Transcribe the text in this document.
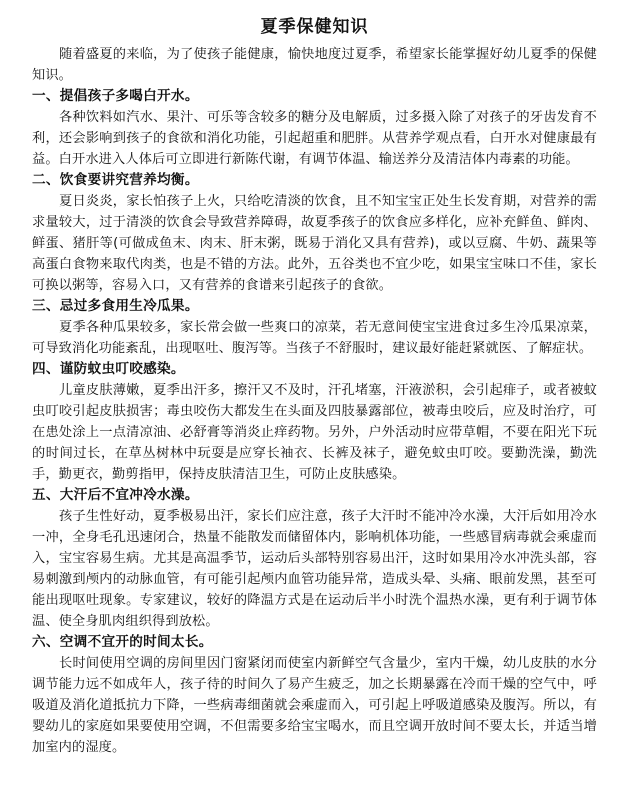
夏季保健知识

随着盛夏的来临，为了使孩子能健康，愉快地度过夏季，希望家长能掌握好幼儿夏季的保健知识。

一、提倡孩子多喝白开水。

各种饮料如汽水、果汁、可乐等含较多的糖分及电解质，过多摄入除了对孩子的牙齿发育不利，还会影响到孩子的食欲和消化功能，引起超重和肥胖。从营养学观点看，白开水对健康最有益。白开水进入人体后可立即进行新陈代谢，有调节体温、输送养分及清洁体内毒素的功能。

二、饮食要讲究营养均衡。

夏日炎炎，家长怕孩子上火，只给吃清淡的饮食，且不知宝宝正处生长发育期，对营养的需求量较大，过于清淡的饮食会导致营养障碍，故夏季孩子的饮食应多样化，应补充鲜鱼、鲜肉、鲜蛋、猪肝等(可做成鱼末、肉末、肝末粥，既易于消化又具有营养)，或以豆腐、牛奶、蔬果等高蛋白食物来取代肉类，也是不错的方法。此外，五谷类也不宜少吃，如果宝宝味口不佳，家长可换以粥等，容易入口，又有营养的食谱来引起孩子的食欲。

三、忌过多食用生冷瓜果。

夏季各种瓜果较多，家长常会做一些爽口的凉菜，若无意间使宝宝进食过多生冷瓜果凉菜，可导致消化功能紊乱，出现呕吐、腹泻等。当孩子不舒服时，建议最好能赶紧就医、了解症状。

四、谨防蚊虫叮咬感染。

儿童皮肤薄嫩，夏季出汗多，擦汗又不及时，汗孔堵塞，汗液淤积，会引起痱子，或者被蚊虫叮咬引起皮肤损害；毒虫咬伤大都发生在头面及四肢暴露部位，被毒虫咬后，应及时治疗，可在患处涂上一点清凉油、必舒膏等消炎止痒药物。另外，户外活动时应带草帽，不要在阳光下玩的时间过长，在草丛树林中玩耍是应穿长袖衣、长裤及袜子，避免蚊虫叮咬。要勤洗澡，勤洗手，勤更衣，勤剪指甲，保持皮肤清洁卫生，可防止皮肤感染。

五、大汗后不宜冲冷水澡。

孩子生性好动，夏季极易出汗，家长们应注意，孩子大汗时不能冲冷水澡，大汗后如用冷水一冲，全身毛孔迅速闭合，热量不能散发而储留体内，影响机体功能，一些感冒病毒就会乘虚而入，宝宝容易生病。尤其是高温季节，运动后头部特别容易出汗，这时如果用冷水冲洗头部，容易刺激到颅内的动脉血管，有可能引起颅内血管功能异常，造成头晕、头痛、眼前发黑，甚至可能出现呕吐现象。专家建议，较好的降温方式是在运动后半小时洗个温热水澡，更有利于调节体温、使全身肌肉组织得到放松。

六、空调不宜开的时间太长。

长时间使用空调的房间里因门窗紧闭而使室内新鲜空气含量少，室内干燥，幼儿皮肤的水分调节能力远不如成年人，孩子待的时间久了易产生疲乏，加之长期暴露在冷而干燥的空气中，呼吸道及消化道抵抗力下降，一些病毒细菌就会乘虚而入，可引起上呼吸道感染及腹泻。所以，有婴幼儿的家庭如果要使用空调，不但需要多给宝宝喝水，而且空调开放时间不要太长，并适当增加室内的湿度。
